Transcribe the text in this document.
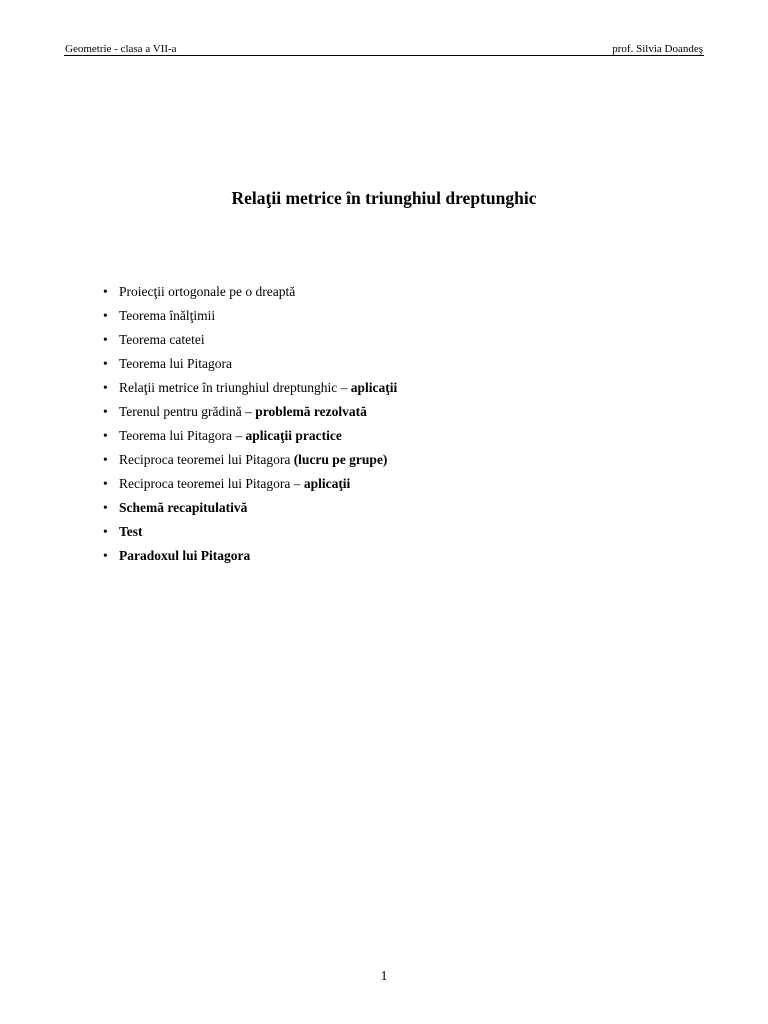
Geometrie - clasa a VII-a	prof. Silvia Doandeş
Relaţii metrice în triunghiul dreptunghic
• Proiecţii ortogonale pe o dreaptă
• Teorema înălţimii
• Teorema catetei
• Teorema lui Pitagora
• Relaţii metrice în triunghiul dreptunghic – aplicaţii
• Terenul pentru grădină – problemă rezolvată
• Teorema lui Pitagora – aplicaţii practice
• Reciproca teoremei lui Pitagora (lucru pe grupe)
• Reciproca teoremei lui Pitagora – aplicaţii
• Schemă recapitulativă
• Test
• Paradoxul lui Pitagora
1
